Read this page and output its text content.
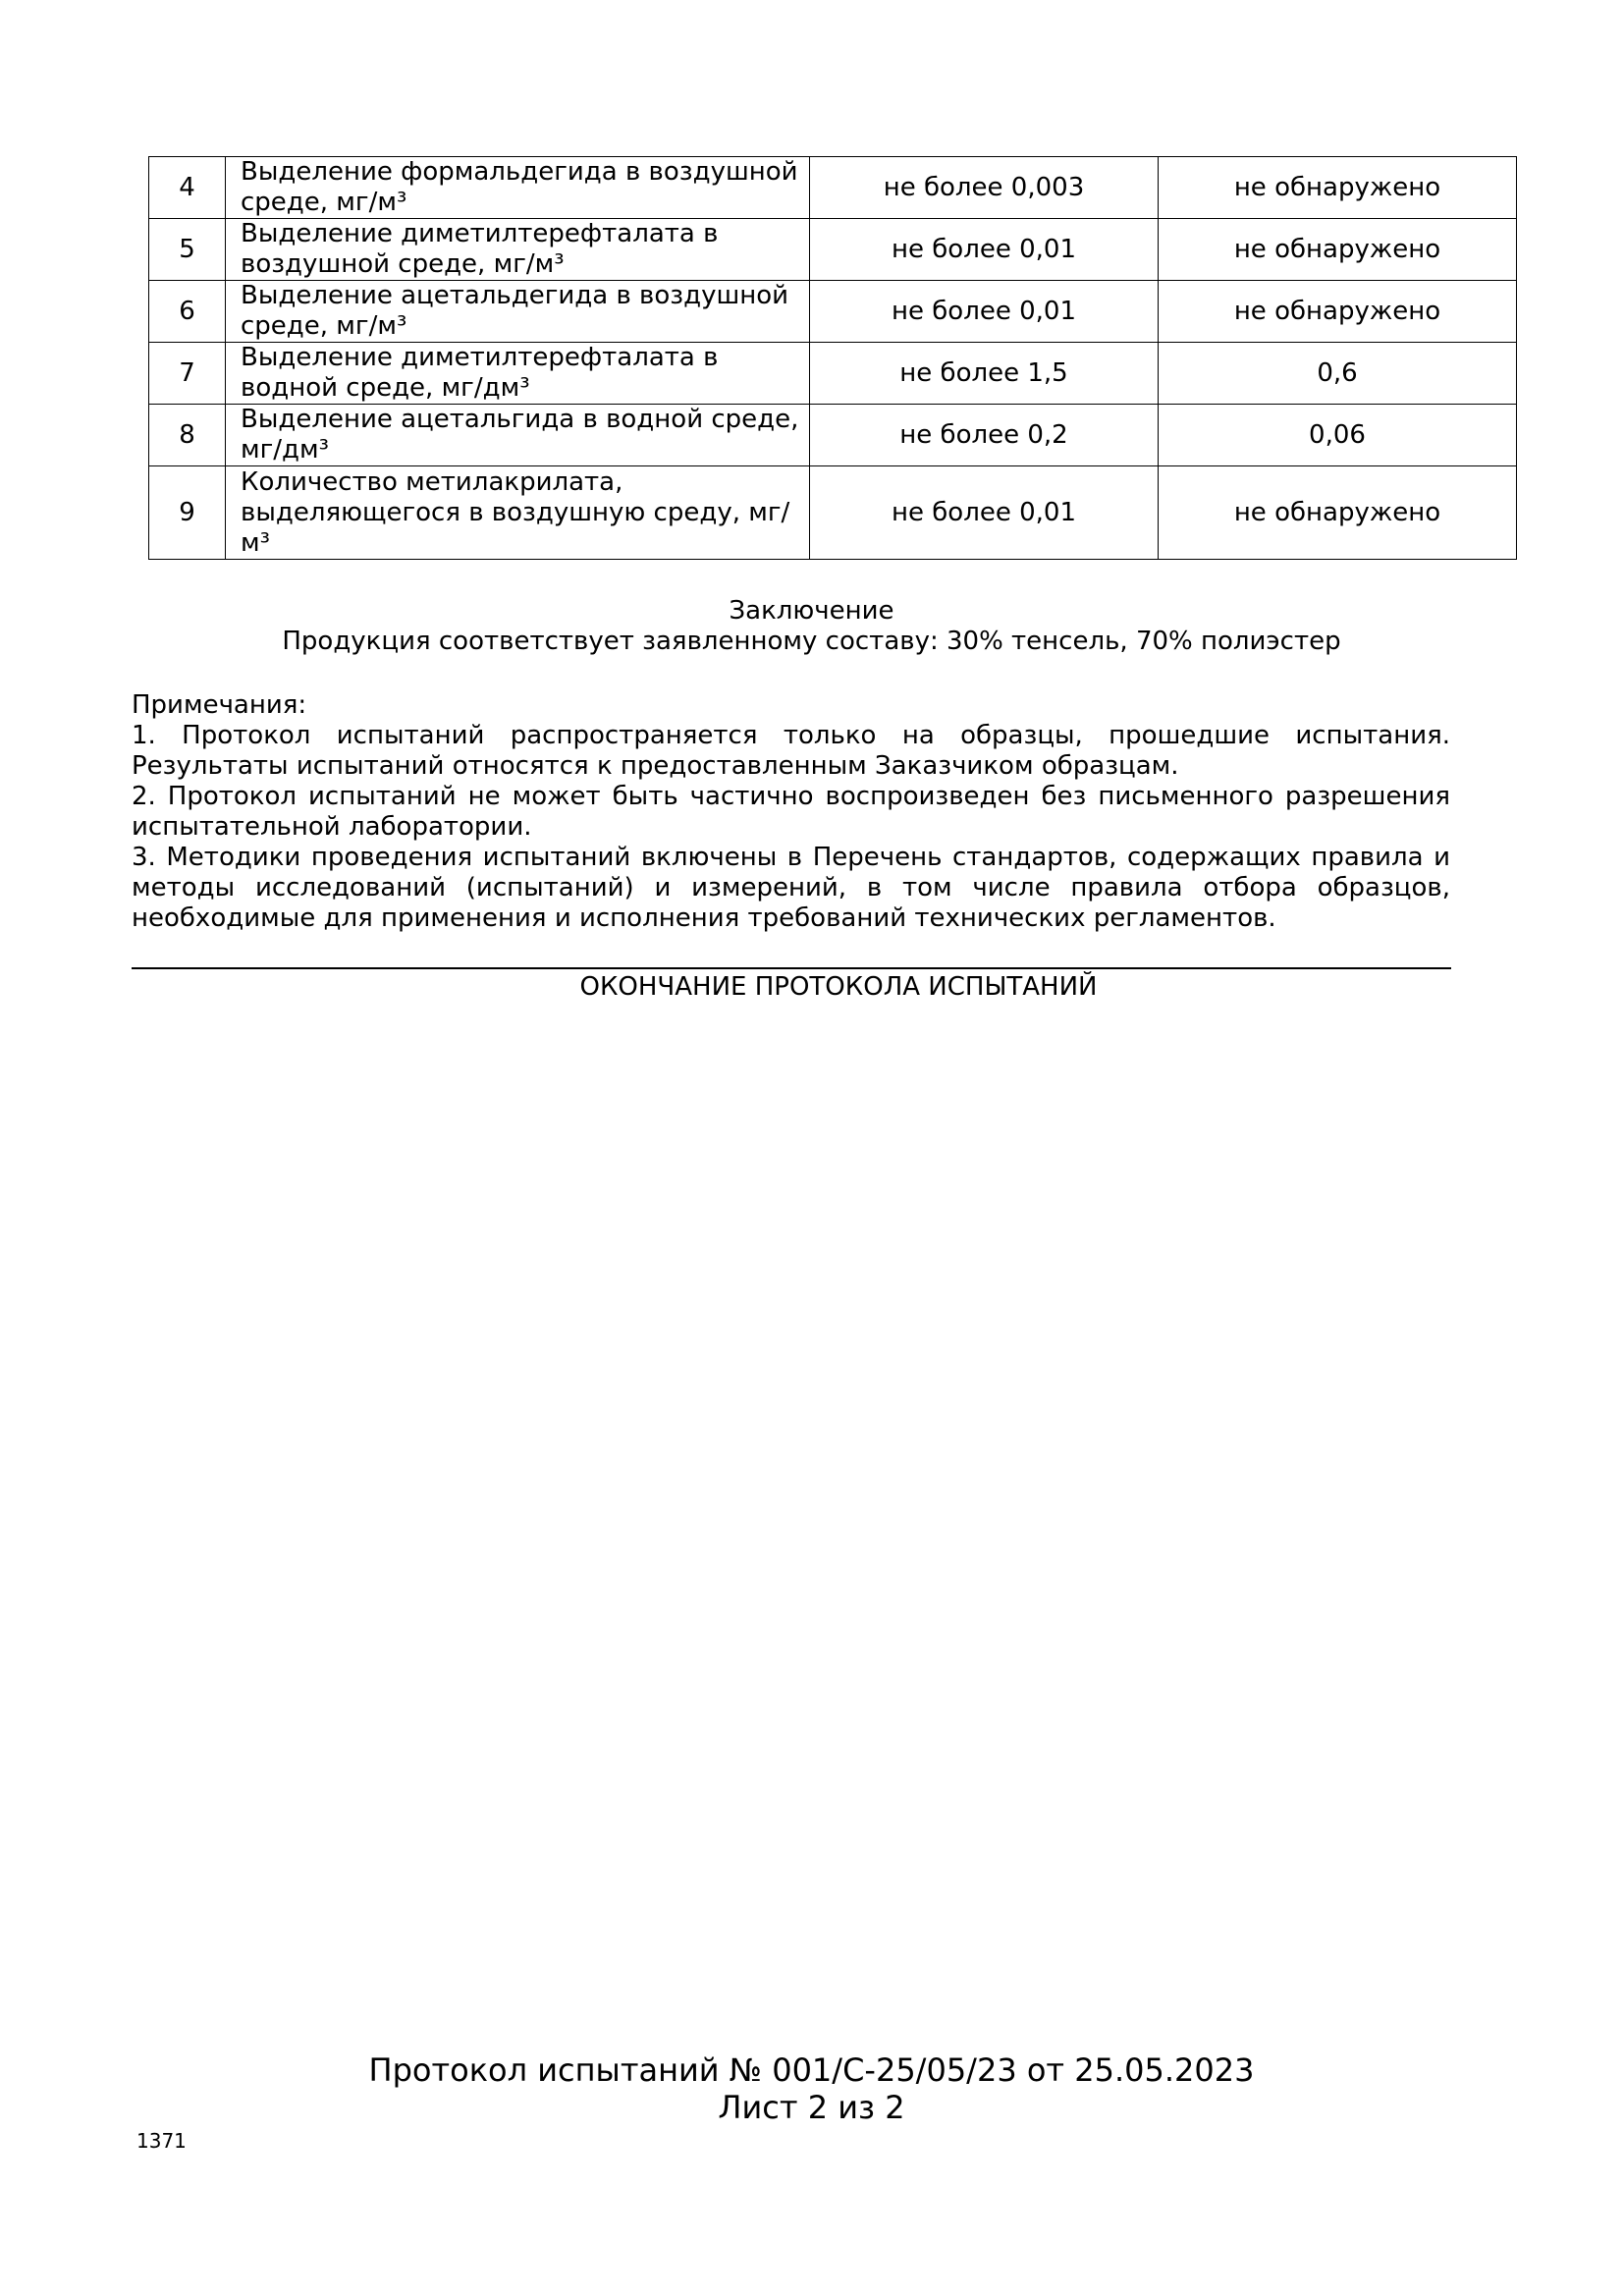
4	Выделение формальдегида в воздушной среде, мг/м³	не более 0,003	не обнаружено
5	Выделение диметилтерефталата в воздушной среде, мг/м³	не более 0,01	не обнаружено
6	Выделение ацетальдегида в воздушной среде, мг/м³	не более 0,01	не обнаружено
7	Выделение диметилтерефталата в водной среде, мг/дм³	не более 1,5	0,6
8	Выделение ацетальгида в водной среде, мг/дм³	не более 0,2	0,06
9	Количество метилакрилата, выделяющегося в воздушную среду, мг/м³	не более 0,01	не обнаружено
Заключение
Продукция соответствует заявленному составу: 30% тенсель, 70% полиэстер

Примечания:

1. Протокол испытаний распространяется только на образцы, прошедшие испытания. Результаты испытаний относятся к предоставленным Заказчиком образцам.

2. Протокол испытаний не может быть частично воспроизведен без письменного разрешения испытательной лаборатории.

3. Методики проведения испытаний включены в Перечень стандартов, содержащих правила и методы исследований (испытаний) и измерений, в том числе правила отбора образцов, необходимые для применения и исполнения требований технических регламентов.

ОКОНЧАНИЕ ПРОТОКОЛА ИСПЫТАНИЙ
Протокол испытаний № 001/С-25/05/23 от 25.05.2023
Лист 2 из 2
1371
